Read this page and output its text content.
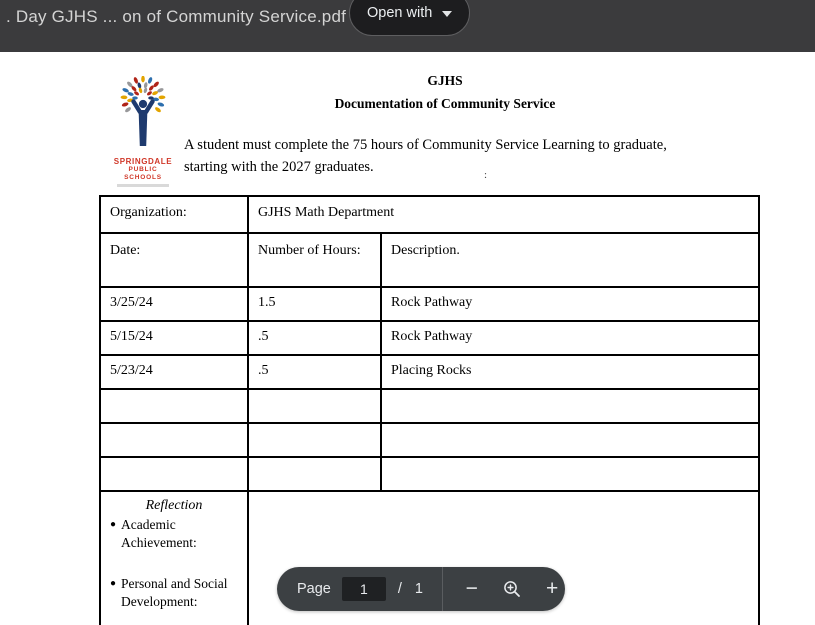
. Day GJHS ... on of Community Service.pdf Open with
SPRINGDALE
PUBLIC SCHOOLS
GJHS
Documentation of Community Service
A student must complete the 75 hours of Community Service Learning to graduate, starting with the 2027 graduates.	:
Organization:	GJHS Math Department	
Date:	Number of Hours:	Description.
3/25/24	1.5	Rock Pathway
5/15/24	.5	Rock Pathway
5/23/24	.5	Placing Rocks

Reflection
● Academic Achievement:
● Personal and Social Development:		

Page
1	/ 1 −	+
